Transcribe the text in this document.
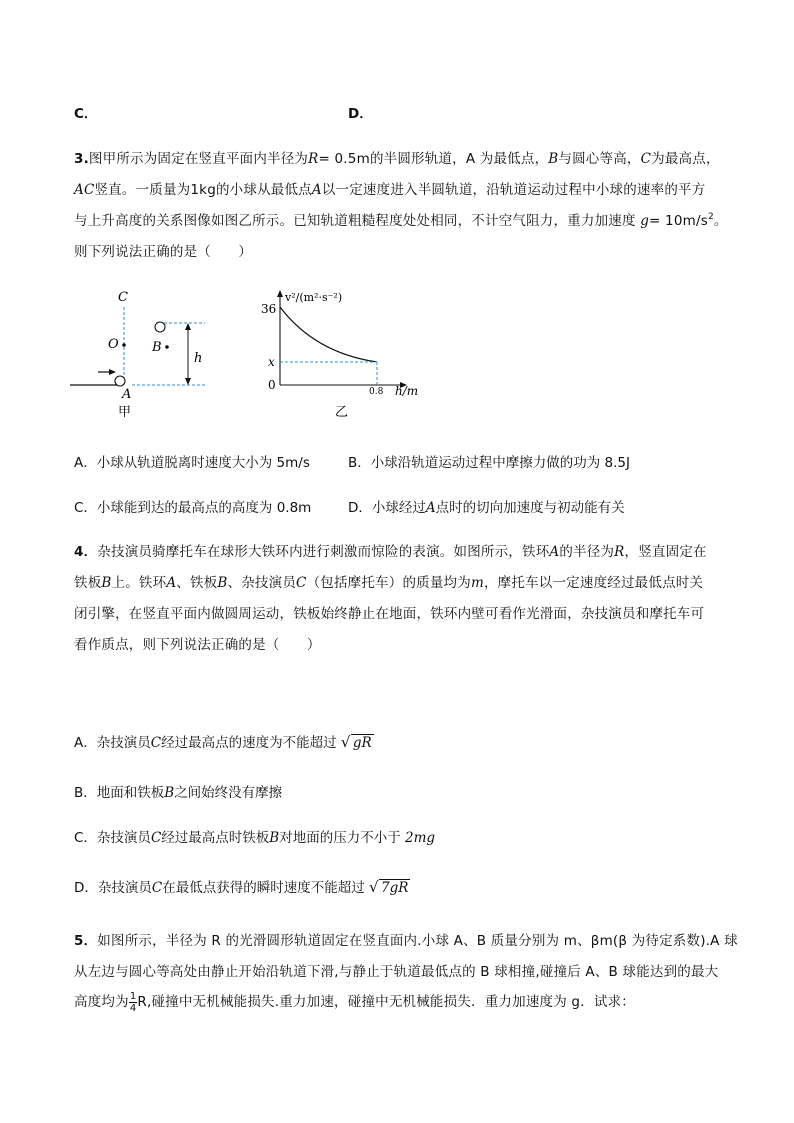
C．	D．
3.图甲所示为固定在竖直平面内半径为R= 0.5m的半圆形轨道，A 为最低点，B与圆心等高，C为最高点，
AC竖直。一质量为1kg的小球从最低点A以一定速度进入半圆轨道，沿轨道运动过程中小球的速率的平方
与上升高度的关系图像如图乙所示。已知轨道粗糙程度处处相同，不计空气阻力，重力加速度 $g= 10m/s^2$。
则下列说法正确的是（　　）
C
O	B
h
A
甲
v²/(m²·s⁻²)
36
x
0	0.8 h/m
乙
A．小球从轨道脱离时速度大小为 5m/s	B．小球沿轨道运动过程中摩擦力做的功为 8.5J
C．小球能到达的最高点的高度为 0.8m	D．小球经过A点时的切向加速度与初动能有关
4．杂技演员骑摩托车在球形大铁环内进行刺激而惊险的表演。如图所示，铁环A的半径为R，竖直固定在
铁板B上。铁环A、铁板B、杂技演员C（包括摩托车）的质量均为m，摩托车以一定速度经过最低点时关
闭引擎，在竖直平面内做圆周运动，铁板始终静止在地面，铁环内壁可看作光滑面，杂技演员和摩托车可
看作质点，则下列说法正确的是（　　）
A．杂技演员C经过最高点的速度为不能超过 √ gR
B．地面和铁板B之间始终没有摩擦
C．杂技演员C经过最高点时铁板B对地面的压力不小于 2mg
D．杂技演员C在最低点获得的瞬时速度不能超过 √ 7gR
5．如图所示，半径为 R 的光滑圆形轨道固定在竖直面内.小球 A、B 质量分别为 m、βm(β 为待定系数).A 球
从左边与圆心等高处由静止开始沿轨道下滑,与静止于轨道最低点的 B 球相撞,碰撞后 A、B 球能达到的最大
高度均为 $\frac{1}{4} R$,碰撞中无机械能损失.重力加速，碰撞中无机械能损失．重力加速度为 g．试求：
